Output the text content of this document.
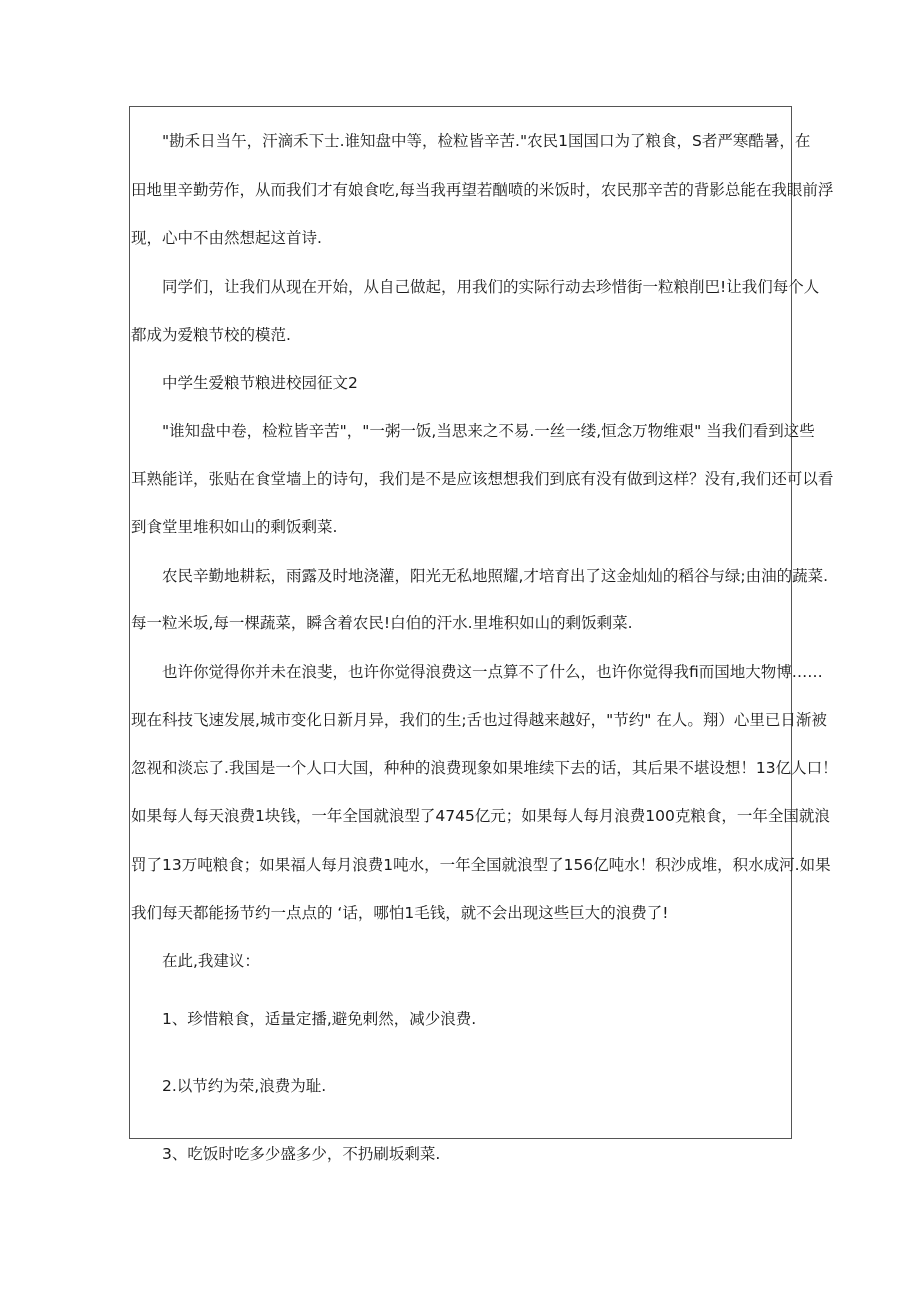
"勘禾日当午，汗滴禾下士.谁知盘中等，检粒皆辛苦."农民1国国口为了粮食，S者严寒酷暑，在
田地里辛勤劳作，从而我们才有娘食吃,每当我再望若酗喷的米饭时，农民那辛苦的背影总能在我眼前浮
现，心中不由然想起这首诗.
同学们，让我们从现在开始，从自己做起，用我们的实际行动去珍惜街一粒粮削巴!让我们每个人
都成为爱粮节校的模范.
中学生爱粮节粮进校园征文2
"谁知盘中卷，检粒皆辛苦"，"一粥一饭,当思来之不易.一丝一缕,恒念万物维艰" 当我们看到这些
耳熟能详，张贴在食堂墙上的诗句，我们是不是应该想想我们到底有没有做到这样？没有,我们还可以看
到食堂里堆积如山的剩饭剩菜.
农民辛勤地耕耘，雨露及时地浇灌，阳光无私地照耀,才培育出了这金灿灿的稻谷与绿;由油的蔬菜.
每一粒米坂,每一棵蔬菜，瞬含着农民!白伯的汗水.里堆积如山的剩饭剩菜.
也许你觉得你并未在浪斐，也许你觉得浪费这一点算不了什么，也许你觉得我fi而国地大物博……
现在科技飞速发展,城市变化日新月异，我们的生;舌也过得越来越好，"节约" 在人。翔）心里已日渐被
忽视和淡忘了.我国是一个人口大国，种种的浪费现象如果堆续下去的话，其后果不堪设想！13亿人口！
如果每人每天浪费1块钱，一年全国就浪型了4745亿元；如果每人每月浪费100克粮食，一年全国就浪
罚了13万吨粮食；如果福人每月浪费1吨水，一年全国就浪型了156亿吨水！积沙成堆，积水成河.如果
我们每天都能扬节约一点点的 ‘话，哪怕1毛钱，就不会出现这些巨大的浪费了!
在此,我建议：
1、珍惜粮食，适量定播,避免剌然，减少浪费.
2.以节约为荣,浪费为耻.
3、吃饭时吃多少盛多少，不扔刷坂剩菜.
